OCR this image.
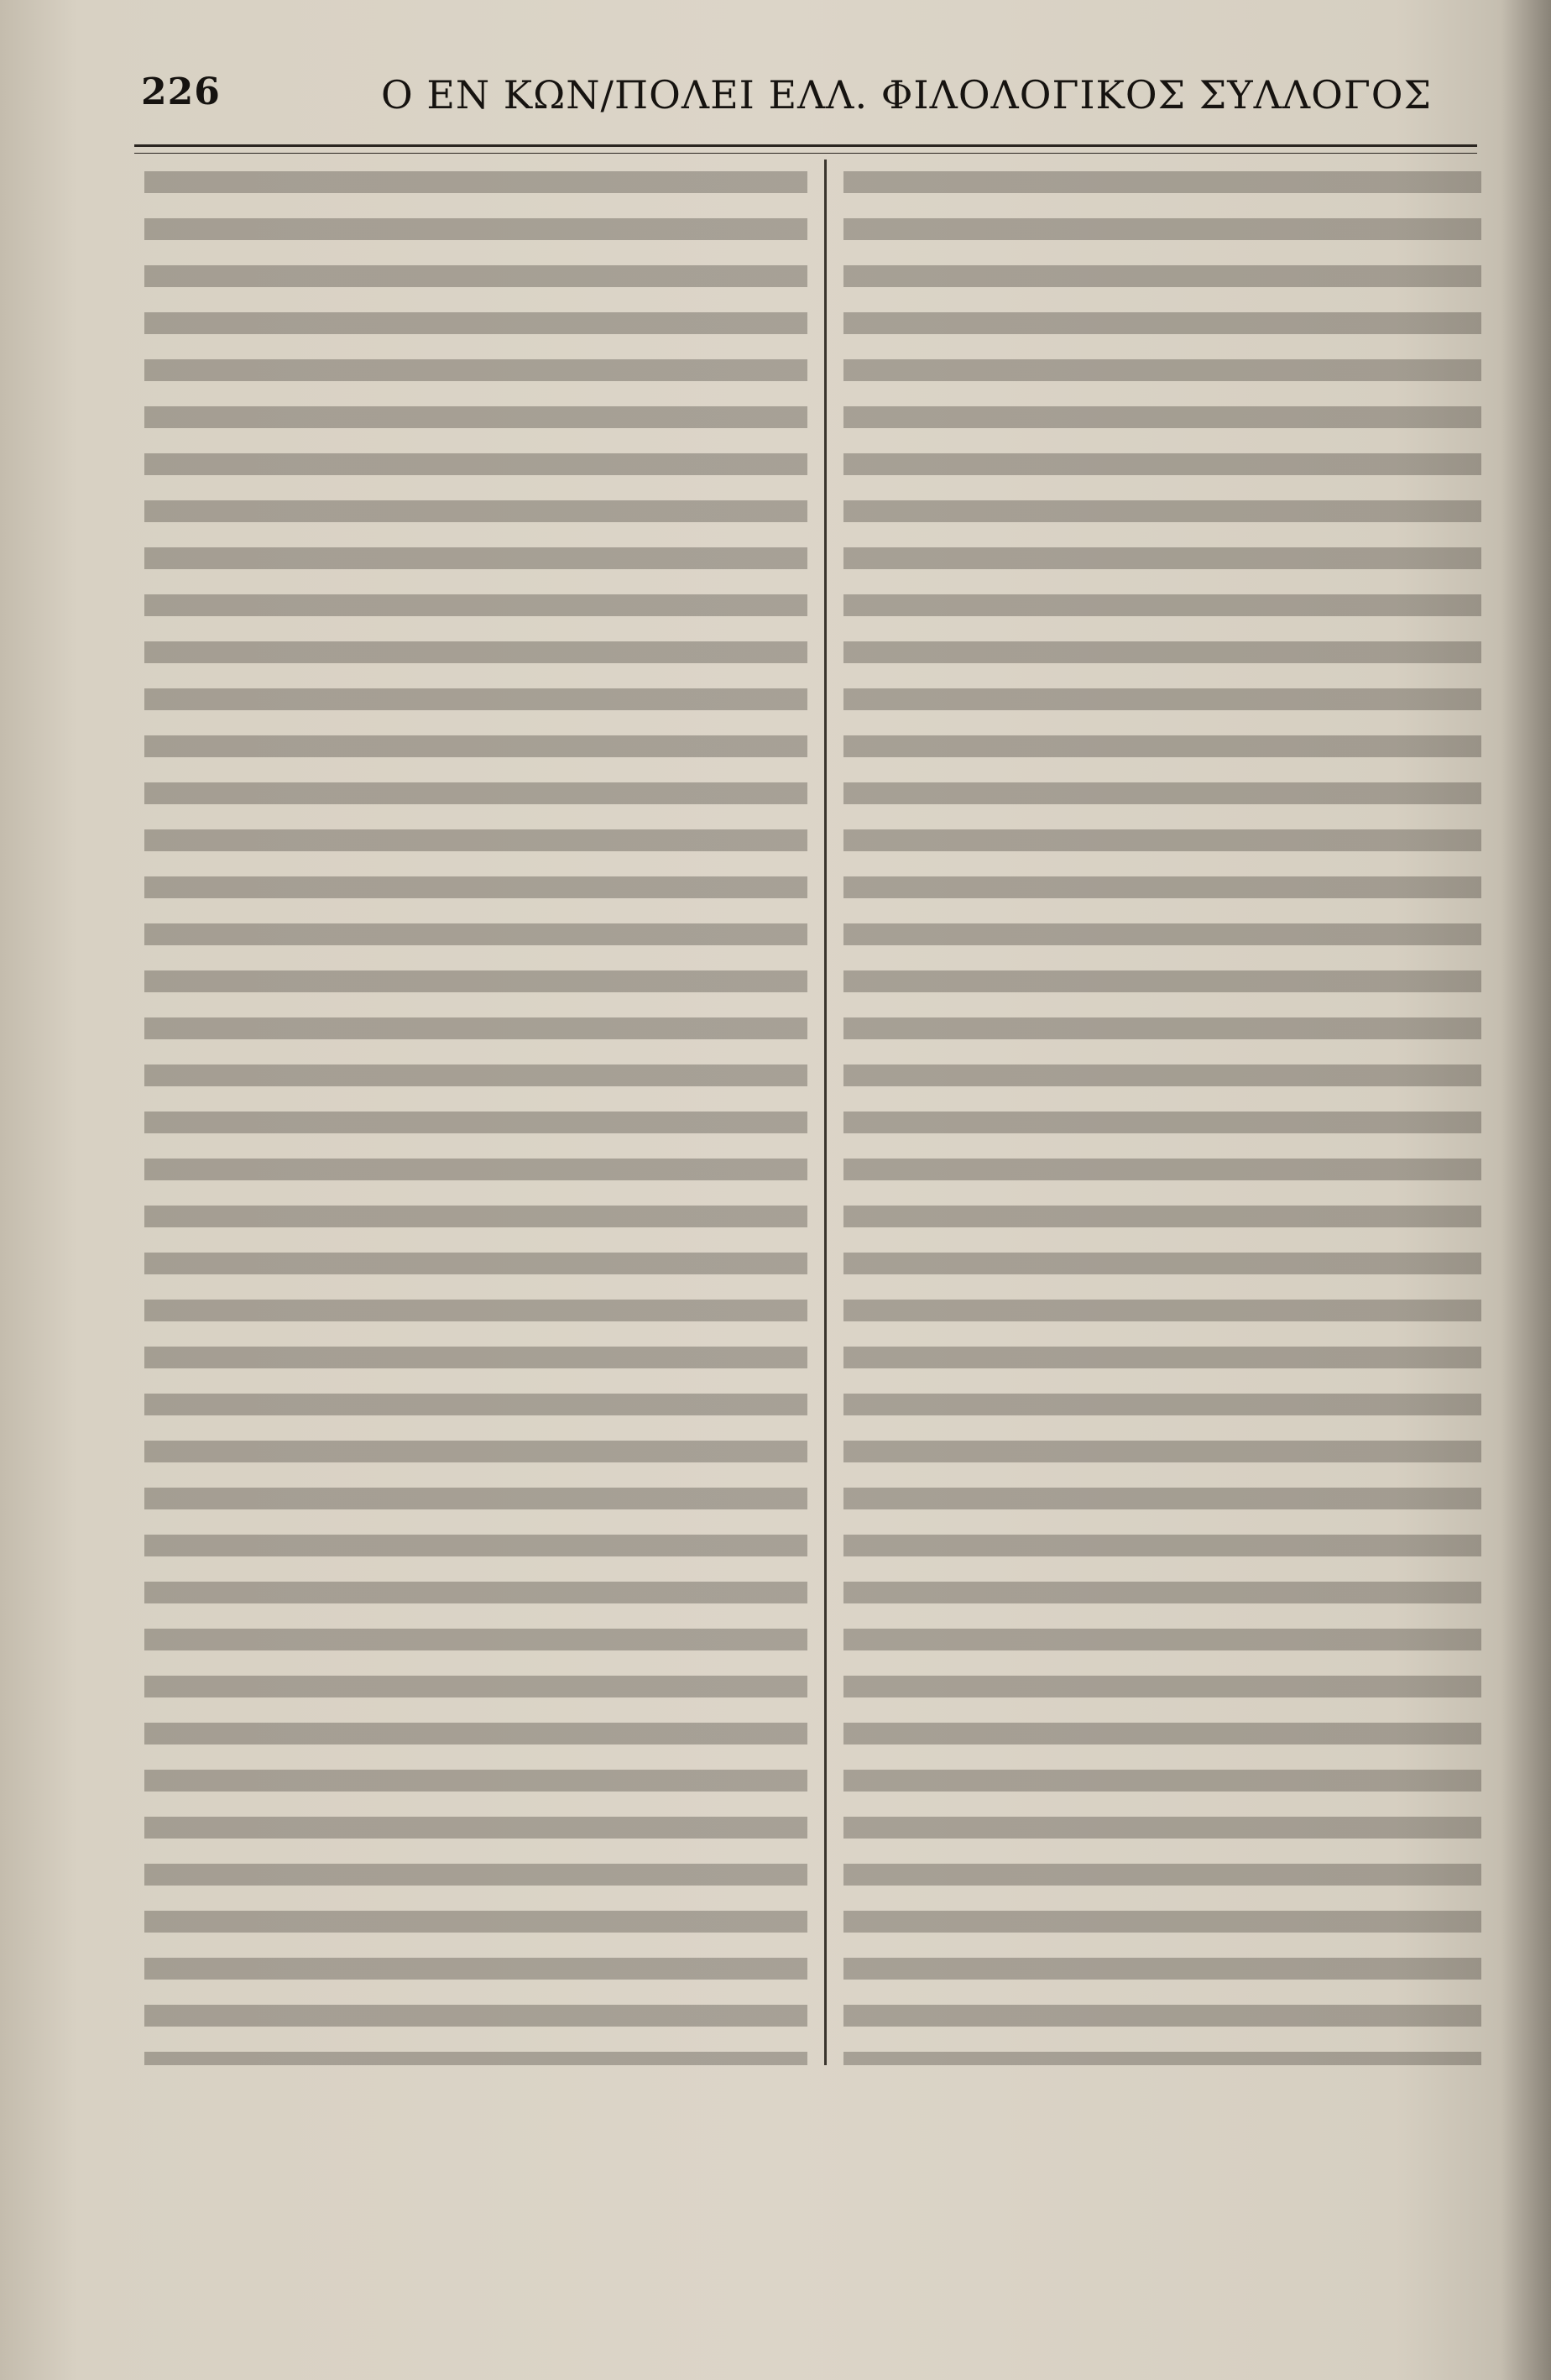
226	Ο ΕΝ ΚΩΝ/ΠΟΛΕΙ ΕΛΛ. ΦΙΛΟΛΟΓΙΚΟΣ ΣΥΛΛΟΓΟΣ
